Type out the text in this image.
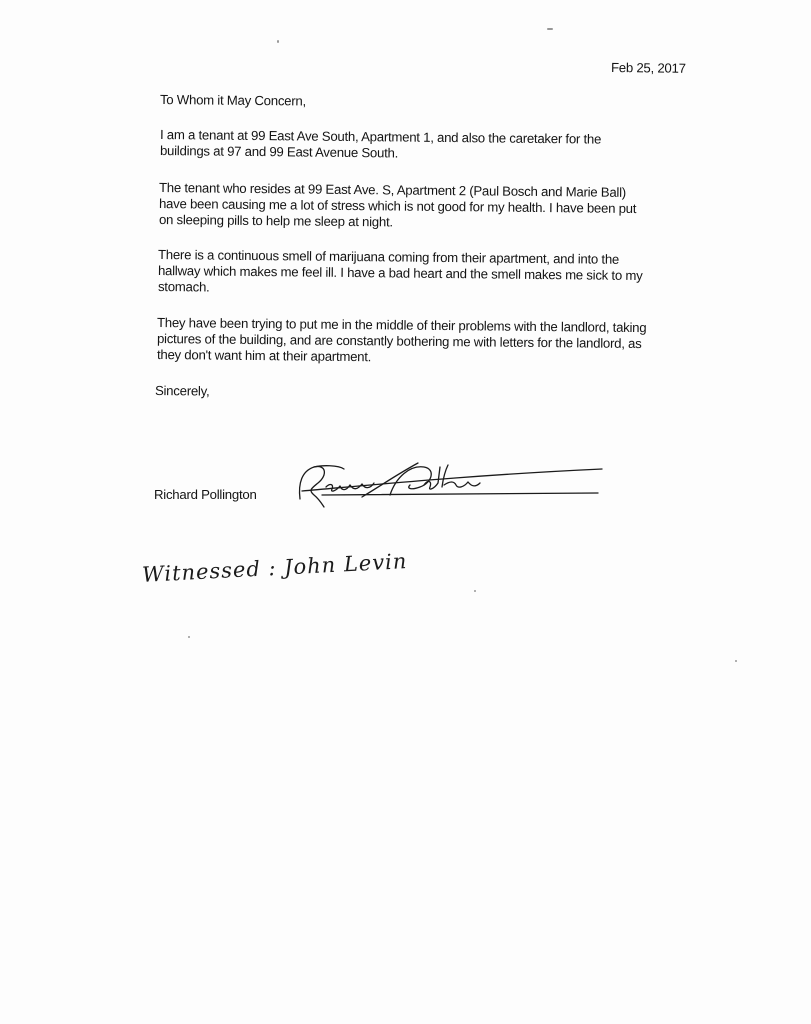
Feb 25, 2017
To Whom it May Concern,
I am a tenant at 99 East Ave South, Apartment 1, and also the caretaker for the
buildings at 97 and 99 East Avenue South.
The tenant who resides at 99 East Ave. S, Apartment 2 (Paul Bosch and Marie Ball)
have been causing me a lot of stress which is not good for my health. I have been put
on sleeping pills to help me sleep at night.
There is a continuous smell of marijuana coming from their apartment, and into the
hallway which makes me feel ill. I have a bad heart and the smell makes me sick to my
stomach.
They have been trying to put me in the middle of their problems with the landlord, taking
pictures of the building, and are constantly bothering me with letters for the landlord, as
they don't want him at their apartment.
Sincerely,
Richard Pollington
Witnessed : John Levin
